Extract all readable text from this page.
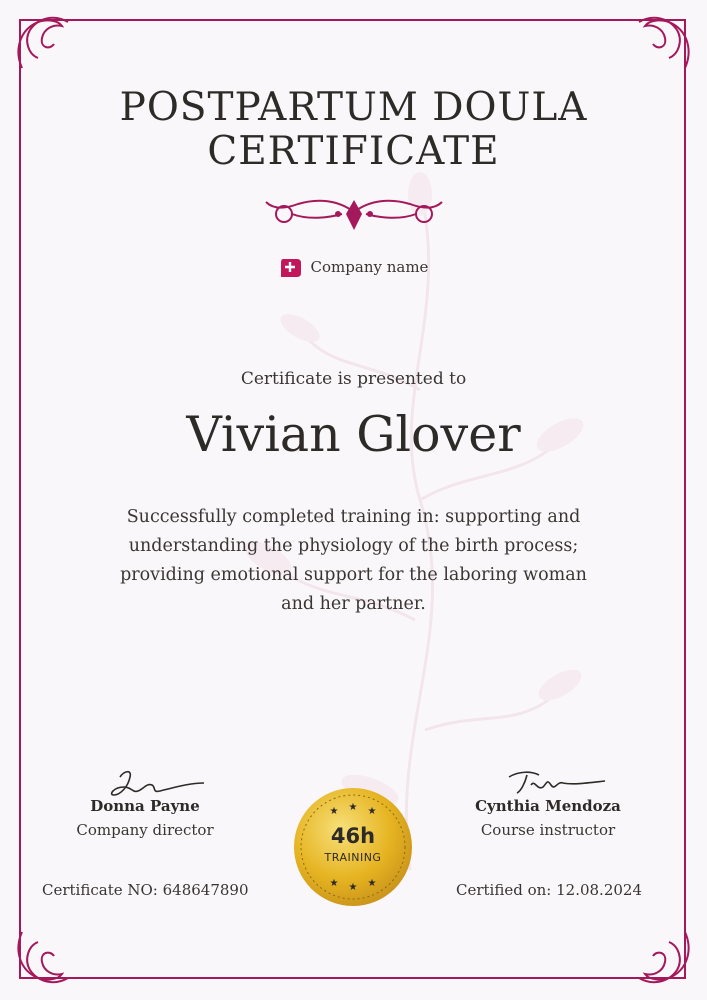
POSTPARTUM DOULA
CERTIFICATE
Company name
Certificate is presented to
Vivian Glover
Successfully completed training in: supporting and understanding the physiology of the birth process; providing emotional support for the laboring woman and her partner.
Donna Payne
Company director
Cynthia Mendoza
Course instructor
★ ★ ★
★ ★ ★
46h
TRAINING
Certificate NO: 648647890	Certified on: 12.08.2024
